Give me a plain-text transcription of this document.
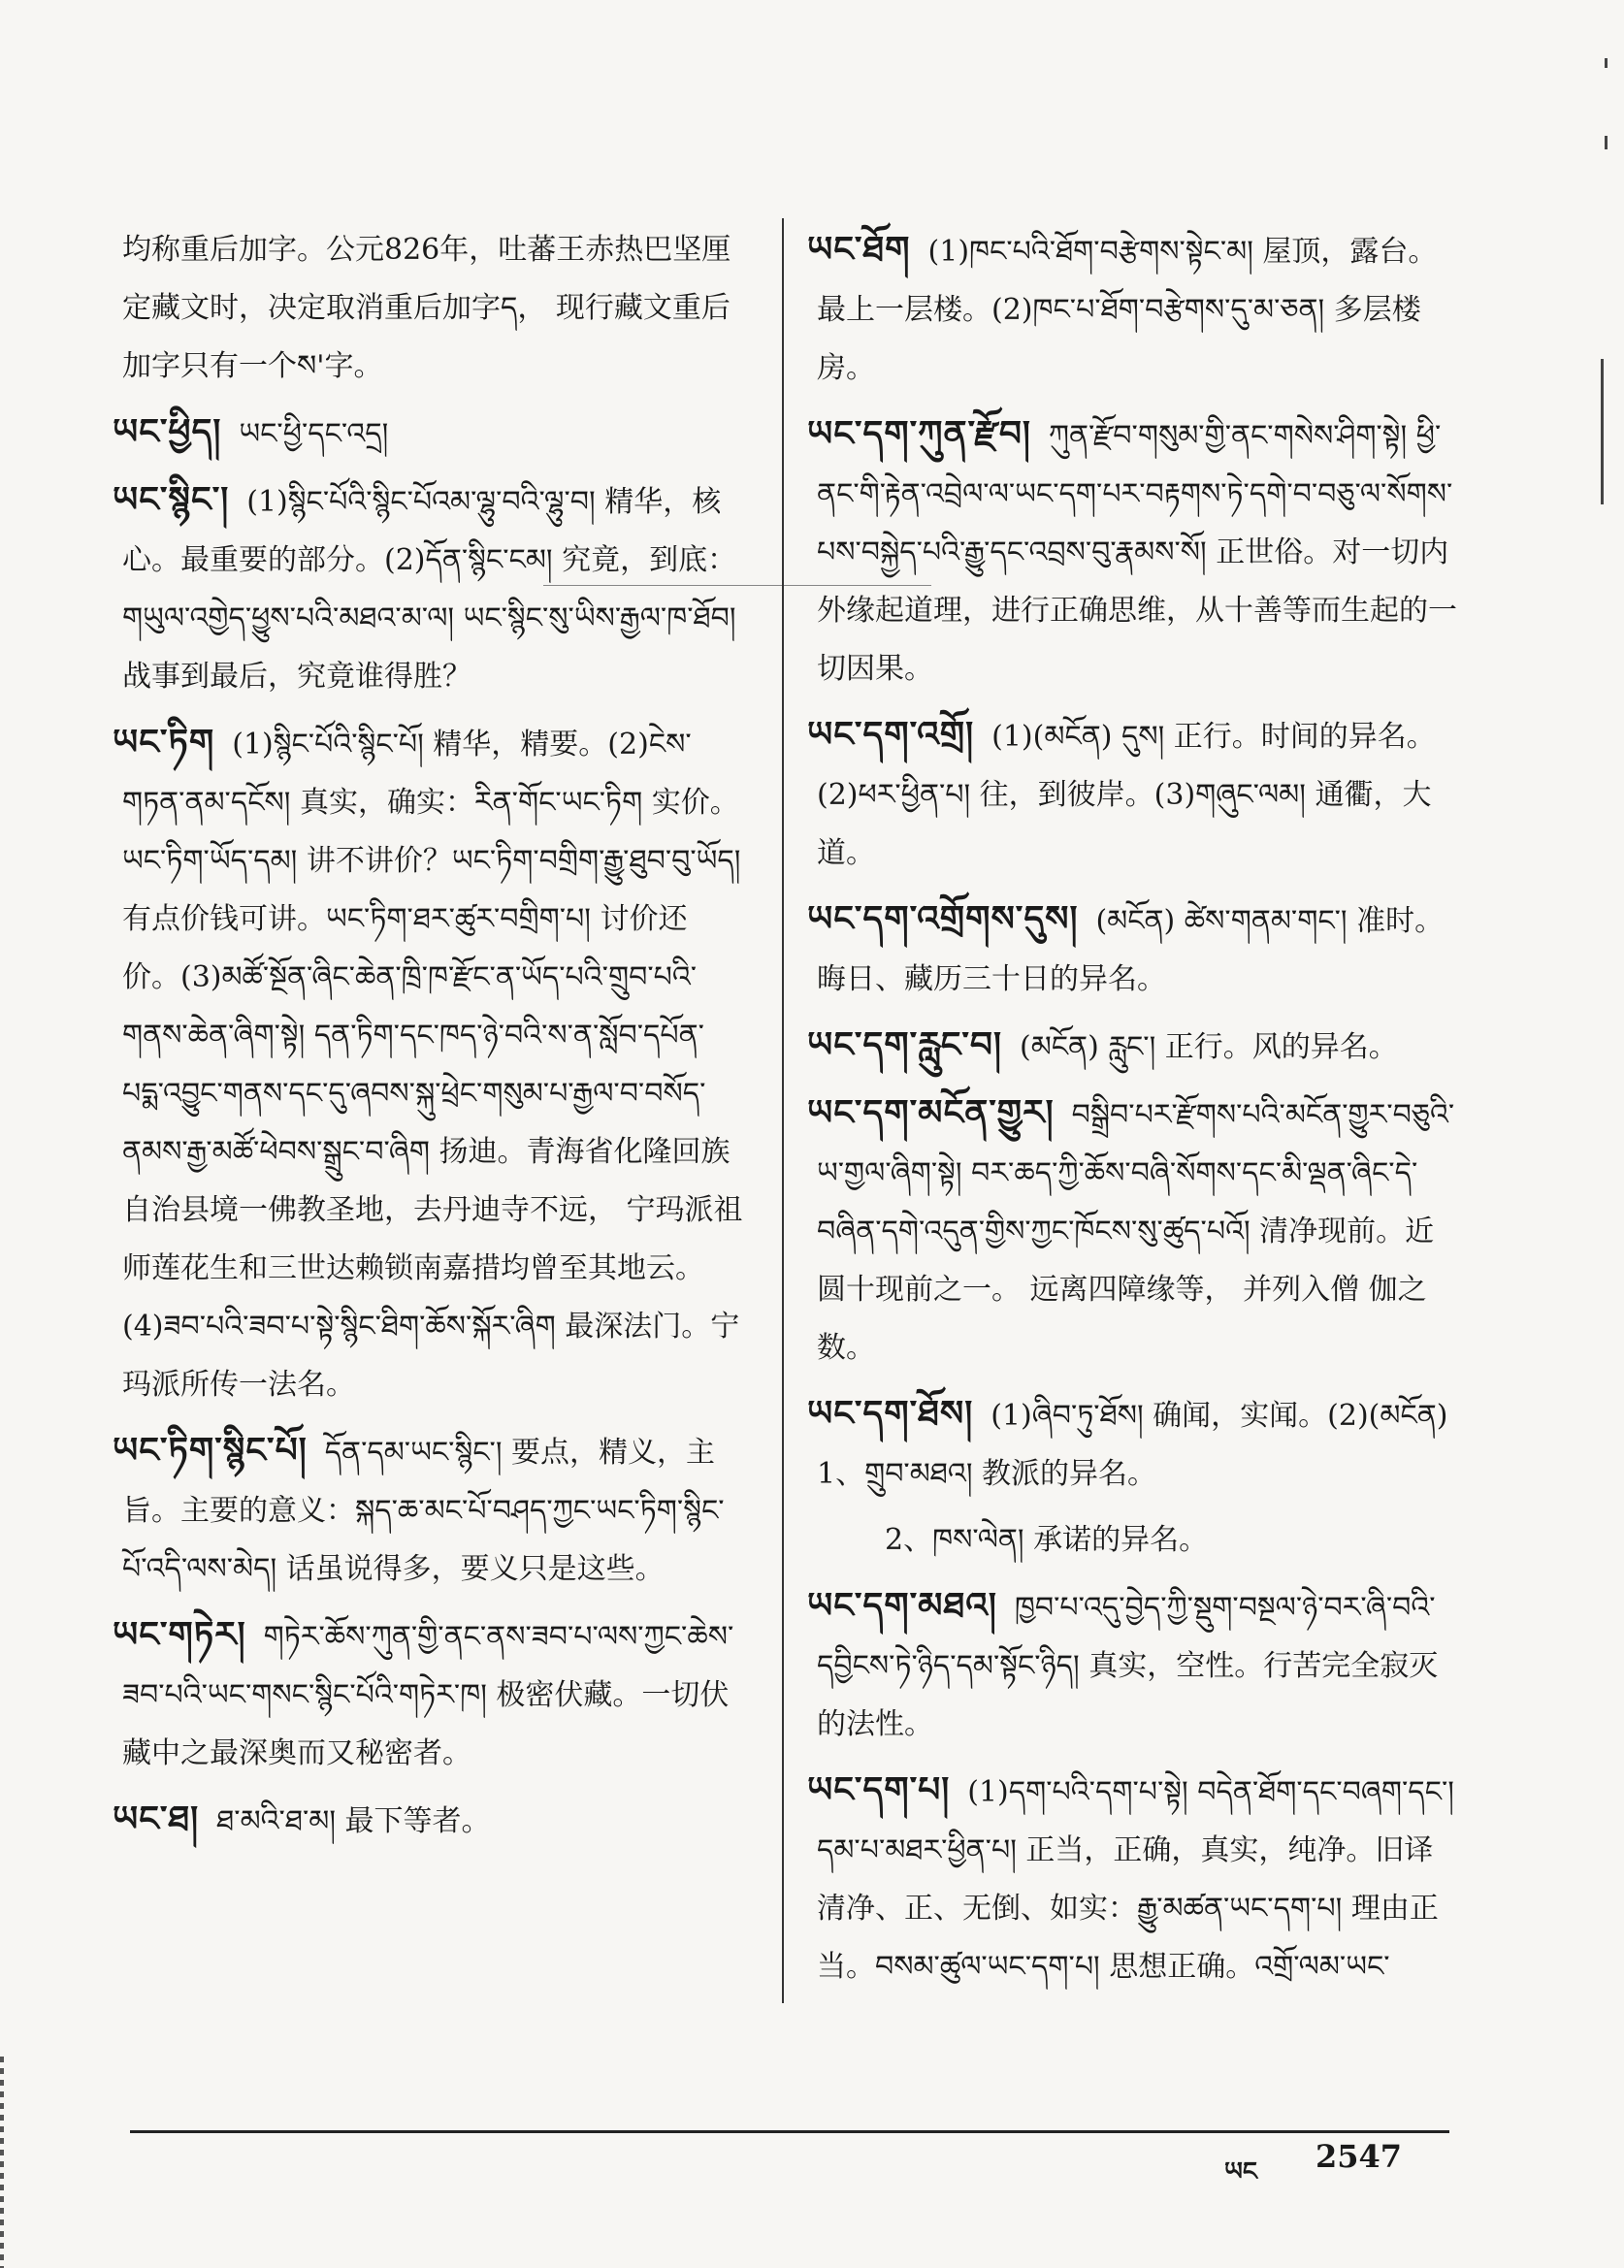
均称重后加字。公元826年，吐蕃王赤热巴坚厘定藏文时，决定取消重后加字ད， 现行藏文重后加字只有一个ས'字。

ཡང་ཕྱིད། ཡང་ཕྱི་དང་འདྲ།
ཡང་སྙིང་། (1)སྙིང་པོའི་སྙིང་པོའམ་ལྷུ་བའི་ལྷུ་བ། 精华，核心。最重要的部分。(2)དོན་སྙིང་ངམ། 究竟，到底：གཡུལ་འགྱེད་ཕྱུས་པའི་མཐའ་མ་ལ། ཡང་སྙིང་སུ་ཡིས་རྒྱལ་ཁ་ཐོབ། 战事到最后，究竟谁得胜？
ཡང་ཏིག (1)སྙིང་པོའི་སྙིང་པོ། 精华，精要。(2)ངེས་གཏན་ནམ་དངོས། 真实，确实：རིན་གོང་ཡང་ཏིག 实价。ཡང་ཏིག་ཡོད་དམ། 讲不讲价？ཡང་ཏིག་བགྲིག་རྒྱུ་ཐུབ་བུ་ཡོད། 有点价钱可讲。ཡང་ཏིག་ཐར་ཚུར་བགྲིག་པ། 讨价还价。(3)མཚོ་སྔོན་ཞིང་ཆེན་ཁྲི་ཁ་རྫོང་ན་ཡོད་པའི་གྲུབ་པའི་གནས་ཆེན་ཞིག་སྟེ། དན་ཏིག་དང་ཁད་ཉེ་བའི་ས་ན་སློབ་དཔོན་པདྨ་འབྱུང་གནས་དང་དུ་ཞབས་སྐུ་ཕྲེང་གསུམ་པ་རྒྱལ་བ་བསོད་ནམས་རྒྱ་མཚོ་ཕེབས་སྒྲུང་བ་ཞིག 扬迪。青海省化隆回族自治县境一佛教圣地，去丹迪寺不远， 宁玛派祖师莲花生和三世达赖锁南嘉措均曾至其地云。 (4)ཟབ་པའི་ཟབ་པ་སྟེ་སྙིང་ཐིག་ཆོས་སྐོར་ཞིག 最深法门。宁玛派所传一法名。
ཡང་ཏིག་སྙིང་པོ། དོན་དམ་ཡང་སྙིང་། 要点，精义，主旨。主要的意义：སྐད་ཆ་མང་པོ་བཤད་ཀྱང་ཡང་ཏིག་སྙིང་པོ་འདི་ལས་མེད། 话虽说得多，要义只是这些。
ཡང་གཏེར། གཏེར་ཆོས་ཀུན་གྱི་ནང་ནས་ཟབ་པ་ལས་ཀྱང་ཆེས་ཟབ་པའི་ཡང་གསང་སྙིང་པོའི་གཏེར་ཁ། 极密伏藏。一切伏藏中之最深奥而又秘密者。
ཡང་ཐ། ཐ་མའི་ཐ་མ། 最下等者。
ཡང་ཐོག (1)ཁང་པའི་ཐོག་བརྩེགས་སྟེང་མ། 屋顶，露台。最上一层楼。(2)ཁང་པ་ཐོག་བརྩེགས་དུ་མ་ཅན། 多层楼房。
ཡང་དག་ཀུན་རྫོབ། ཀུན་རྫོབ་གསུམ་གྱི་ནང་གསེས་ཤིག་སྟེ། ཕྱི་ནང་གི་རྟེན་འབྲེལ་ལ་ཡང་དག་པར་བརྟགས་ཏེ་དགེ་བ་བཅུ་ལ་སོགས་པས་བསྐྱེད་པའི་རྒྱུ་དང་འབྲས་བུ་རྣམས་སོ། 正世俗。对一切内外缘起道理，进行正确思维，从十善等而生起的一切因果。
ཡང་དག་འགྲོ། (1)(མངོན) དུས། 正行。时间的异名。(2)ཕར་ཕྱིན་པ། 往，到彼岸。(3)གཞུང་ལམ། 通衢，大道。
ཡང་དག་འགྲོགས་དུས། (མངོན) ཚེས་གནམ་གང་། 准时。晦日、藏历三十日的异名。
ཡང་དག་རླུང་བ། (མངོན) རླུང་། 正行。风的异名。
ཡང་དག་མངོན་གྱུར། བསྒྲིབ་པར་རྫོགས་པའི་མངོན་གྱུར་བཅུའི་ཡ་གྱལ་ཞིག་སྟེ། བར་ཆད་ཀྱི་ཆོས་བཞི་སོགས་དང་མི་ལྡན་ཞིང་དེ་བཞིན་དགེ་འདུན་གྱིས་ཀྱང་ཁོངས་སུ་ཚུད་པའོ། 清净现前。近圆十现前之一。 远离四障缘等， 并列入僧 伽之数。
ཡང་དག་ཐོས། (1)ཞིབ་ཏུ་ཐོས། 确闻，实闻。(2)(མངོན) 1、གྲུབ་མཐའ། 教派的异名。
2、ཁས་ལེན། 承诺的异名。
ཡང་དག་མཐའ། ཁྱབ་པ་འདུ་བྱེད་ཀྱི་སྡུག་བསྔལ་ཉེ་བར་ཞི་བའི་དབྱིངས་ཏེ་ཉིད་དམ་སྟོང་ཉིད། 真实，空性。行苦完全寂灭的法性。
ཡང་དག་པ། (1)དག་པའི་དག་པ་སྟེ། བདེན་ཐོག་དང་བཞག་དང་། དམ་པ་མཐར་ཕྱིན་པ། 正当，正确，真实，纯净。旧译清净、正、无倒、如实：རྒྱུ་མཚན་ཡང་དག་པ། 理由正当。བསམ་ཚུལ་ཡང་དག་པ། 思想正确。འགྲོ་ལམ་ཡང་
ཡང 2547
